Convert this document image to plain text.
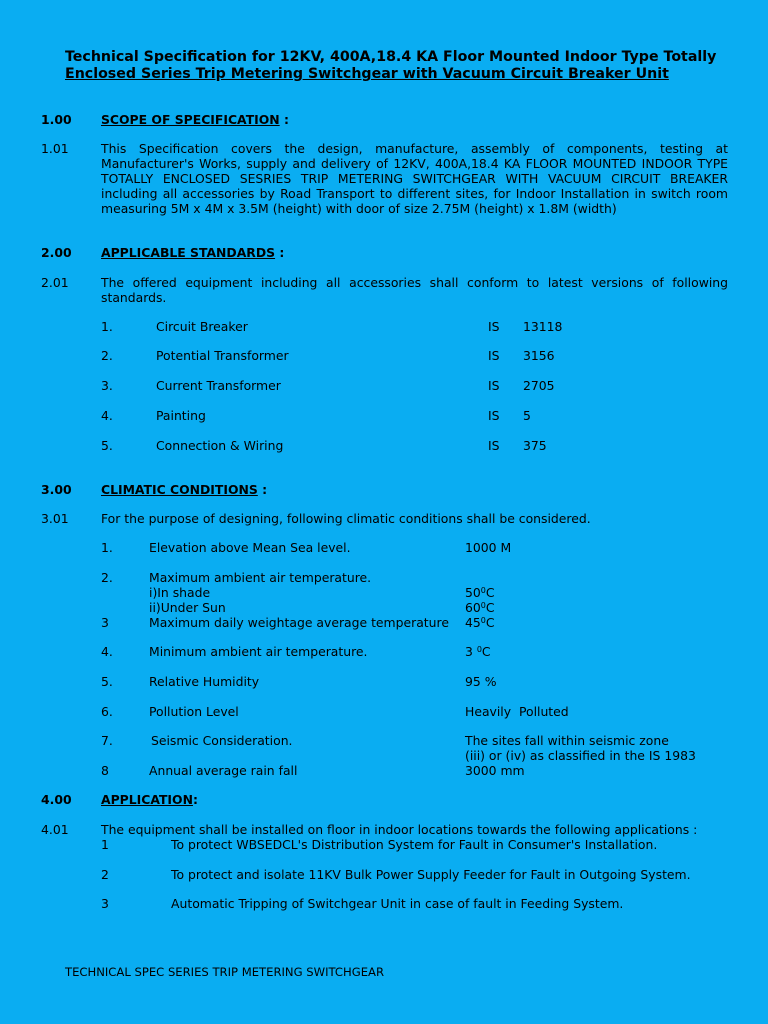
Technical Specification for 12KV, 400A,18.4 KA Floor Mounted Indoor Type Totally
Enclosed Series Trip Metering Switchgear with Vacuum Circuit Breaker Unit
1.00 SCOPE OF SPECIFICATION :
1.01	This Specification covers the design, manufacture, assembly of components, testing at Manufacturer's Works, supply and delivery of 12KV, 400A,18.4 KA FLOOR MOUNTED INDOOR TYPE TOTALLY ENCLOSED SESRIES TRIP METERING SWITCHGEAR WITH VACUUM CIRCUIT BREAKER including all accessories by Road Transport to different sites, for Indoor Installation in switch room measuring 5M x 4M x 3.5M (height) with door of size 2.75M (height) x 1.8M (width)
2.00 APPLICABLE STANDARDS :
2.01	The offered equipment including all accessories shall conform to latest versions of following standards.
1.	Circuit Breaker	IS 13118
2.	Potential Transformer	IS 3156
3.	Current Transformer	IS 2705
4.	Painting	IS 5
5.	Connection & Wiring	IS 375
3.00 CLIMATIC CONDITIONS :
3.01	For the purpose of designing, following climatic conditions shall be considered.
1.	Elevation above Mean Sea level.	1000 M
2.	Maximum ambient air temperature.
i)In shade	$50^0C$
ii)Under Sun	$60^0C$
3	Maximum daily weightage average temperature $45^0C$
4.	Minimum ambient air temperature.	3 $^0$C
5.	Relative Humidity	95 %
6.	Pollution Level	Heavily  Polluted
7.	Seismic Consideration.	The sites fall within seismic zone
(iii) or (iv) as classified in the IS 1983
8	Annual average rain fall	3000 mm
4.00 APPLICATION:
4.01	The equipment shall be installed on floor in indoor locations towards the following applications :
1	To protect WBSEDCL's Distribution System for Fault in Consumer's Installation.
2	To protect and isolate 11KV Bulk Power Supply Feeder for Fault in Outgoing System.
3	Automatic Tripping of Switchgear Unit in case of fault in Feeding System.
TECHNICAL SPEC SERIES TRIP METERING SWITCHGEAR
